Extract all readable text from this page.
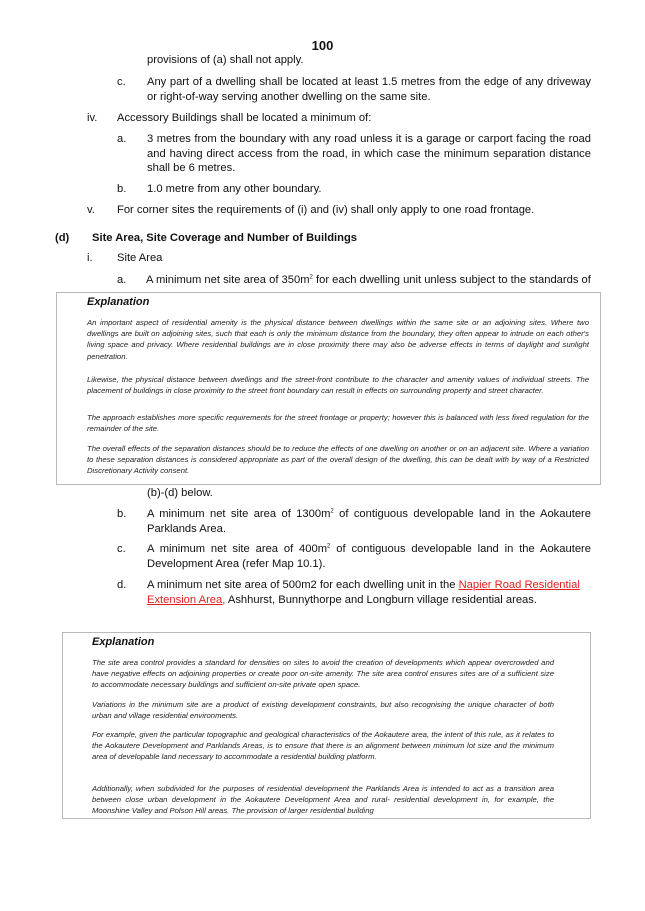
100
provisions of (a) shall not apply.
c. Any part of a dwelling shall be located at least 1.5 metres from the edge of any driveway or right-of-way serving another dwelling on the same site.
iv. Accessory Buildings shall be located a minimum of:
a. 3 metres from the boundary with any road unless it is a garage or carport facing the road and having direct access from the road, in which case the minimum separation distance shall be 6 metres.
b. 1.0 metre from any other boundary.
v. For corner sites the requirements of (i) and (iv) shall only apply to one road frontage.
(d) Site Area, Site Coverage and Number of Buildings
i. Site Area
a. A minimum net site area of $350m^2$ for each dwelling unit unless subject to the standards of
Explanation
An important aspect of residential amenity is the physical distance between dwellings within the same site or an adjoining sites. Where two dwellings are built on adjoining sites, such that each is only the minimum distance from the boundary, they often appear to intrude on each other's living space and privacy. Where residential buildings are in close proximity there may also be adverse effects in terms of daylight and sunlight penetration.
Likewise, the physical distance between dwellings and the street-front contribute to the character and amenity values of individual streets. The placement of buildings in close proximity to the street front boundary can result in effects on surrounding property and street character.
The approach establishes more specific requirements for the street frontage or property; however this is balanced with less fixed regulation for the remainder of the site.
The overall effects of the separation distances should be to reduce the effects of one dwelling on another or on an adjacent site. Where a variation to these separation distances is considered appropriate as part of the overall design of the dwelling, this can be dealt with by way of a Restricted Discretionary Activity consent.
(b)-(d) below.
b. A minimum net site area of $1300m^2$ of contiguous developable land in the Aokautere Parklands Area.
c. A minimum net site area of $400m^2$ of contiguous developable land in the Aokautere Development Area (refer Map 10.1).
d. A minimum net site area of 500m2 for each dwelling unit in the Napier Road Residential Extension Area, Ashhurst, Bunnythorpe and Longburn village residential areas.
Explanation
The site area control provides a standard for densities on sites to avoid the creation of developments which appear overcrowded and have negative effects on adjoining properties or create poor on-site amenity. The site area control ensures sites are of a sufficient size to accommodate necessary buildings and sufficient on-site private open space.
Variations in the minimum site are a product of existing development constraints, but also recognising the unique character of both urban and village residential environments.
For example, given the particular topographic and geological characteristics of the Aokautere area, the intent of this rule, as it relates to the Aokautere Development and Parklands Areas, is to ensure that there is an alignment between minimum lot size and the minimum area of developable land necessary to accommodate a residential building platform.
Additionally, when subdivided for the purposes of residential development the Parklands Area is intended to act as a transition area between close urban development in the Aokautere Development Area and rural- residential development in, for example, the Moonshine Valley and Polson Hill areas. The provision of larger residential building
